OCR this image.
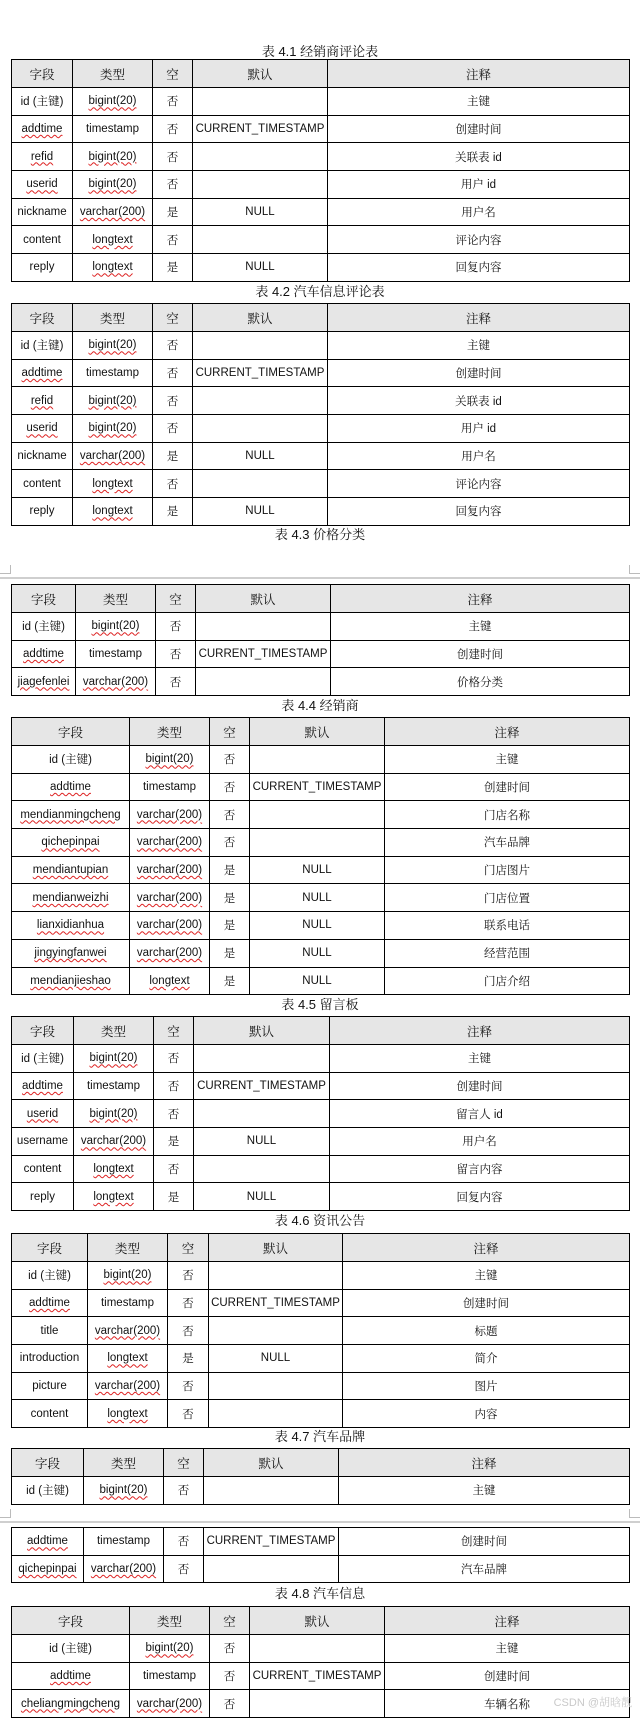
表 4.1 经销商评论表
字段	类型	空	默认	注释
id (主键)	bigint(20)	否		主键
addtime	timestamp	否	CURRENT_TIMESTAMP	创建时间
refid	bigint(20)	否		关联表 id
userid	bigint(20)	否		用户 id
nickname	varchar(200)	是	NULL	用户名
content	longtext	否		评论内容
reply	longtext	是	NULL	回复内容
表 4.2 汽车信息评论表
字段	类型	空	默认	注释
id (主键)	bigint(20)	否		主键
addtime	timestamp	否	CURRENT_TIMESTAMP	创建时间
refid	bigint(20)	否		关联表 id
userid	bigint(20)	否		用户 id
nickname	varchar(200)	是	NULL	用户名
content	longtext	否		评论内容
reply	longtext	是	NULL	回复内容
表 4.3 价格分类
字段	类型	空	默认	注释
id (主键)	bigint(20)	否		主键
addtime	timestamp	否	CURRENT_TIMESTAMP	创建时间
jiagefenlei	varchar(200)	否		价格分类
表 4.4 经销商
字段	类型	空	默认	注释
id (主键)	bigint(20)	否		主键
addtime	timestamp	否	CURRENT_TIMESTAMP	创建时间
mendianmingcheng	varchar(200)	否		门店名称
qichepinpai	varchar(200)	否		汽车品牌
mendiantupian	varchar(200)	是	NULL	门店图片
mendianweizhi	varchar(200)	是	NULL	门店位置
lianxidianhua	varchar(200)	是	NULL	联系电话
jingyingfanwei	varchar(200)	是	NULL	经营范围
mendianjieshao	longtext	是	NULL	门店介绍
表 4.5 留言板
字段	类型	空	默认	注释
id (主键)	bigint(20)	否		主键
addtime	timestamp	否	CURRENT_TIMESTAMP	创建时间
userid	bigint(20)	否		留言人 id
username	varchar(200)	是	NULL	用户名
content	longtext	否		留言内容
reply	longtext	是	NULL	回复内容
表 4.6 资讯公告
字段	类型	空	默认	注释
id (主键)	bigint(20)	否		主键
addtime	timestamp	否	CURRENT_TIMESTAMP	创建时间
title	varchar(200)	否		标题
introduction	longtext	是	NULL	简介
picture	varchar(200)	否		图片
content	longtext	否		内容
表 4.7 汽车品牌
字段	类型	空	默认	注释
id (主键)	bigint(20)	否		主键
addtime	timestamp	否	CURRENT_TIMESTAMP	创建时间
qichepinpai	varchar(200)	否		汽车品牌
表 4.8 汽车信息
字段	类型	空	默认	注释
id (主键)	bigint(20)	否		主键
addtime	timestamp	否	CURRENT_TIMESTAMP	创建时间
cheliangmingcheng	varchar(200)	否		车辆名称 CSDN @胡晗靓
